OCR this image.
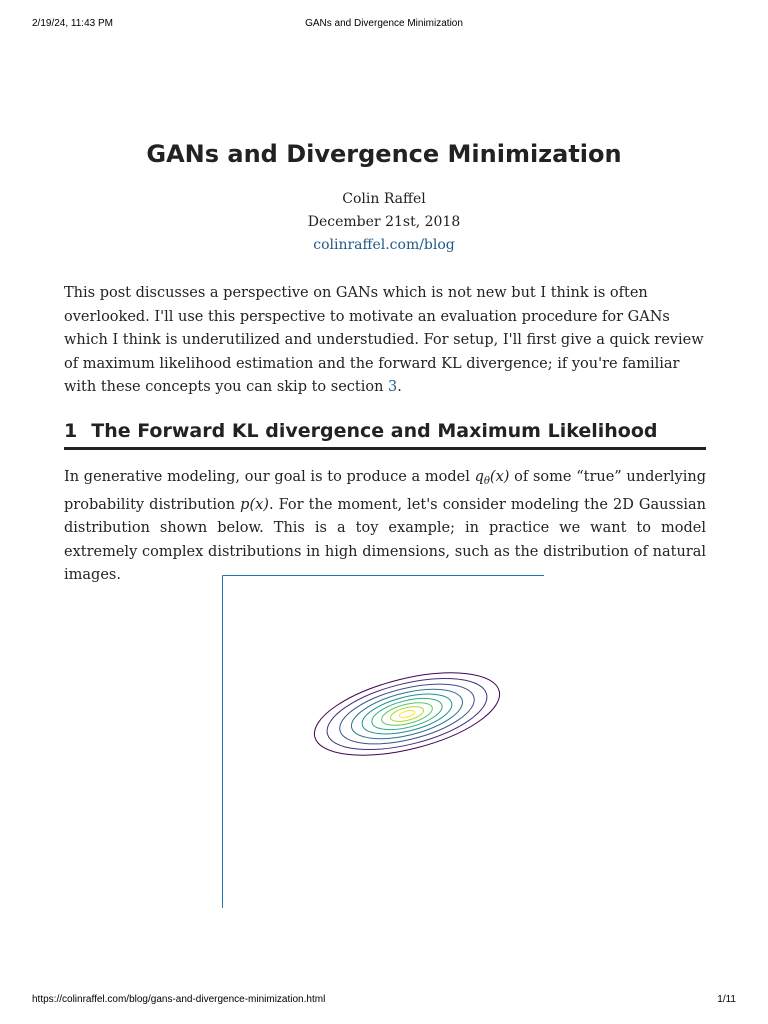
2/19/24, 11:43 PM	GANs and Divergence Minimization
GANs and Divergence Minimization
Colin Raffel
December 21st, 2018
colinraffel.com/blog

This post discusses a perspective on GANs which is not new but I think is often overlooked. I'll use this perspective to motivate an evaluation procedure for GANs which I think is underutilized and understudied. For setup, I'll first give a quick review of maximum likelihood estimation and the forward KL divergence; if you're familiar with these concepts you can skip to section 3.

1 The Forward KL divergence and Maximum Likelihood

In generative modeling, our goal is to produce a model $q_\theta(x)$ of some “true” underlying probability distribution p(x). For the moment, let's consider modeling the 2D Gaussian distribution shown below. This is a toy example; in practice we want to model extremely complex distributions in high dimensions, such as the distribution of natural images.

https://colinraffel.com/blog/gans-and-divergence-minimization.html	1/11
